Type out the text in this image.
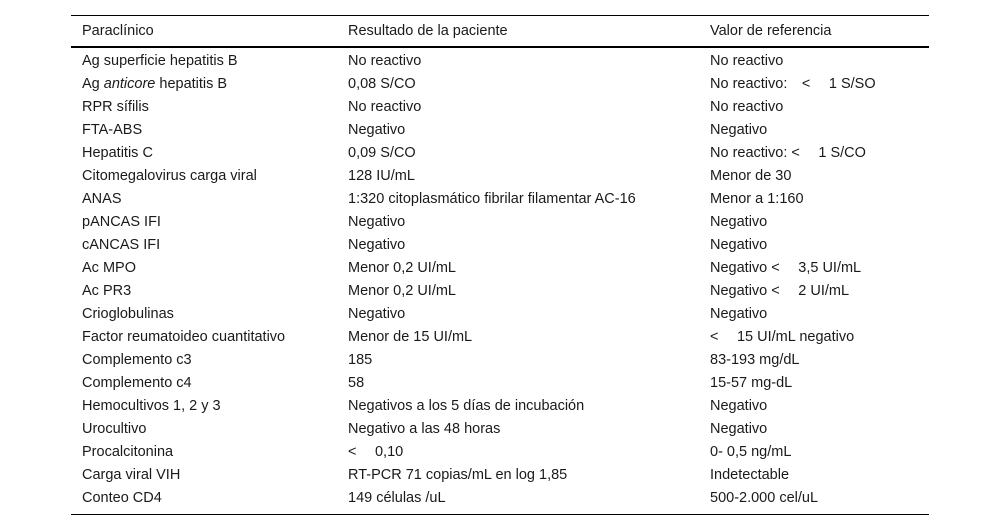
Paraclínico	Resultado de la paciente	Valor de referencia
Ag superficie hepatitis B	No reactivo	No reactivo
Ag anticore hepatitis B	0,08 S/CO	No reactivo: <  1 S/SO
RPR sífilis	No reactivo	No reactivo
FTA-ABS	Negativo	Negativo
Hepatitis C	0,09 S/CO	No reactivo: <  1 S/CO
Citomegalovirus carga viral	128 IU/mL	Menor de 30
ANAS	1:320 citoplasmático fibrilar filamentar AC-16	Menor a 1:160
pANCAS IFI	Negativo	Negativo
cANCAS IFI	Negativo	Negativo
Ac MPO	Menor 0,2 UI/mL	Negativo <  3,5 UI/mL
Ac PR3	Menor 0,2 UI/mL	Negativo <  2 UI/mL
Crioglobulinas	Negativo	Negativo
Factor reumatoideo cuantitativo	Menor de 15 UI/mL	<  15 UI/mL negativo
Complemento c3	185	83-193 mg/dL
Complemento c4	58	15-57 mg-dL
Hemocultivos 1, 2 y 3	Negativos a los 5 días de incubación	Negativo
Urocultivo	Negativo a las 48 horas	Negativo
Procalcitonina	<  0,10	0- 0,5 ng/mL
Carga viral VIH	RT-PCR 71 copias/mL en log 1,85	Indetectable
Conteo CD4	149 células /uL	500-2.000 cel/uL
